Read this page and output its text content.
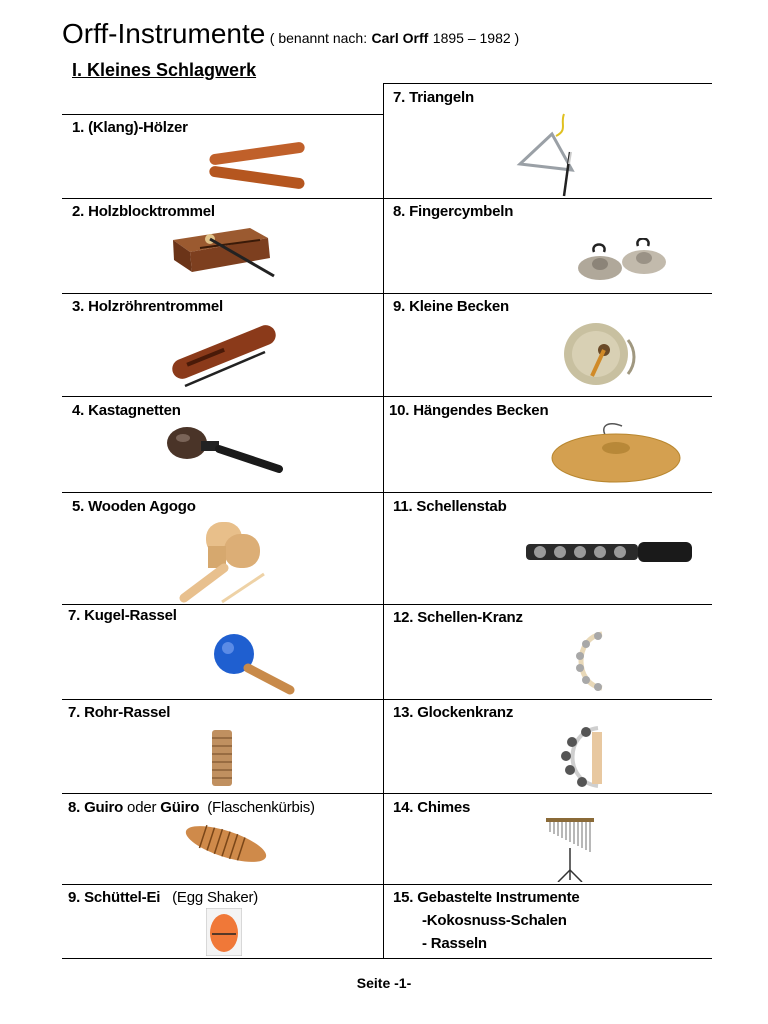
Orff-Instrumente ( benannt nach: Carl Orff 1895 – 1982 )
I. Kleines Schlagwerk
1. (Klang)-Hölzer
2. Holzblocktrommel
3. Holzröhrentrommel
4. Kastagnetten
5. Wooden Agogo
7. Kugel-Rassel
7. Rohr-Rassel
8. Guiro oder Güiro (Flaschenkürbis)
9. Schüttel-Ei (Egg Shaker)
7. Triangeln
8. Fingercymbeln
9. Kleine Becken
10. Hängendes Becken
11. Schellenstab
12. Schellen-Kranz
13. Glockenkranz
14. Chimes
15. Gebastelte Instrumente
-Kokosnuss-Schalen
- Rasseln
Seite -1-
